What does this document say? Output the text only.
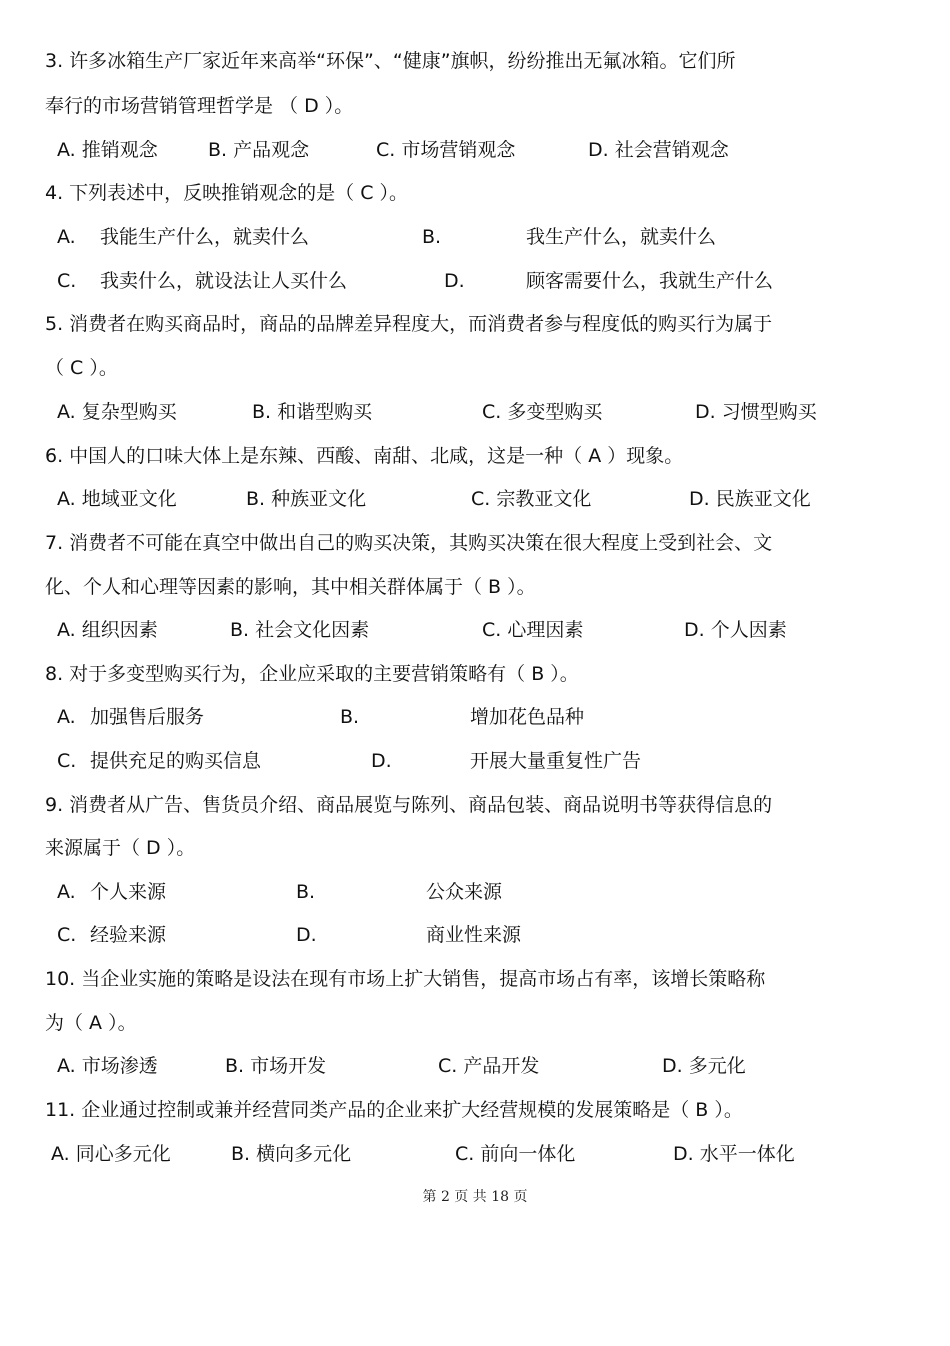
3. 许多冰箱生产厂家近年来高举“环保”、“健康”旗帜，纷纷推出无氟冰箱。它们所
奉行的市场营销管理哲学是 （ D ）。
A. 推销观念	B. 产品观念	C. 市场营销观念	D. 社会营销观念
4. 下列表述中，反映推销观念的是（ C ）。
A. 我能生产什么，就卖什么	B.	我生产什么，就卖什么
C. 我卖什么，就设法让人买什么	D.	顾客需要什么，我就生产什么
5. 消费者在购买商品时，商品的品牌差异程度大，而消费者参与程度低的购买行为属于
（ C ）。
A. 复杂型购买	B. 和谐型购买	C. 多变型购买	D. 习惯型购买
6. 中国人的口味大体上是东辣、西酸、南甜、北咸，这是一种（ A ）现象。
A. 地域亚文化	B. 种族亚文化	C. 宗教亚文化	D. 民族亚文化
7. 消费者不可能在真空中做出自己的购买决策，其购买决策在很大程度上受到社会、文
化、个人和心理等因素的影响，其中相关群体属于（ B ）。
A. 组织因素	B. 社会文化因素	C. 心理因素	D. 个人因素
8. 对于多变型购买行为，企业应采取的主要营销策略有（ B ）。
A. 加强售后服务	B.	增加花色品种
C. 提供充足的购买信息	D.	开展大量重复性广告
9. 消费者从广告、售货员介绍、商品展览与陈列、商品包装、商品说明书等获得信息的
来源属于（ D ）。
A. 个人来源	B.	公众来源
C. 经验来源	D.	商业性来源
10. 当企业实施的策略是设法在现有市场上扩大销售，提高市场占有率，该增长策略称
为（ A ）。
A. 市场渗透	B. 市场开发	C. 产品开发	D. 多元化
11. 企业通过控制或兼并经营同类产品的企业来扩大经营规模的发展策略是（ B ）。
A. 同心多元化	B. 横向多元化	C. 前向一体化	D. 水平一体化
第 2 页 共 18 页
